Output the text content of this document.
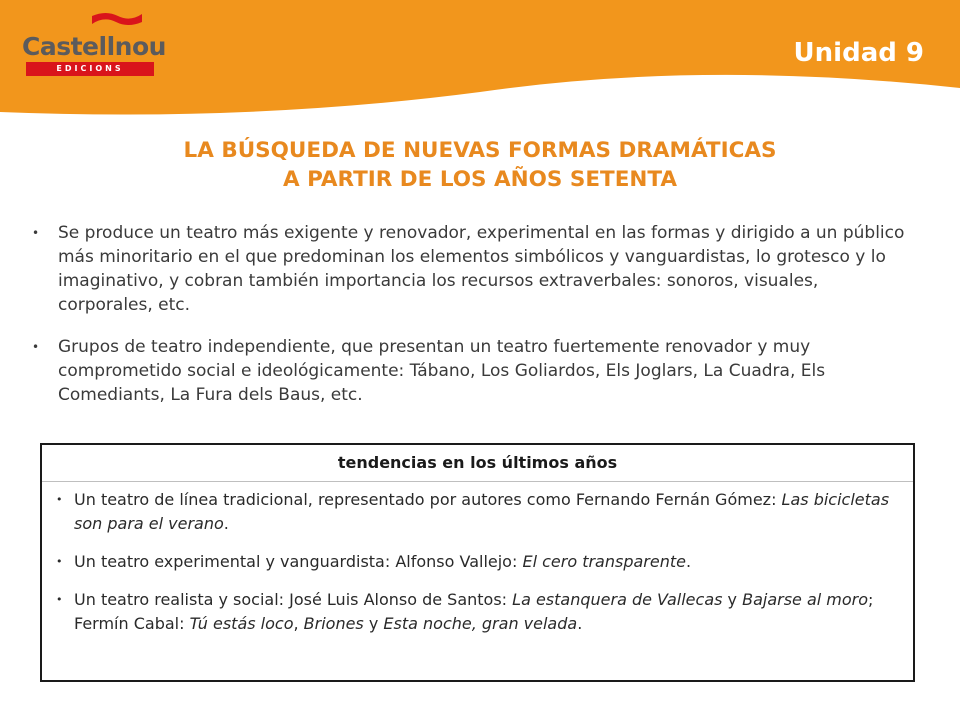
Castellnou
EDICIONS
Unidad 9
LA BÚSQUEDA DE NUEVAS FORMAS DRAMÁTICAS
A PARTIR DE LOS AÑOS SETENTA
•	Se produce un teatro más exigente y renovador, experimental en las formas y dirigido a un público más minoritario en el que predominan los elementos simbólicos y vanguardistas, lo grotesco y lo imaginativo, y cobran también importancia los recursos extraverbales: sonoros, visuales, corporales, etc.
•	Grupos de teatro independiente, que presentan un teatro fuertemente renovador y muy comprometido social e ideológicamente: Tábano, Los Goliardos, Els Joglars, La Cuadra, Els Comediants, La Fura dels Baus, etc.
tendencias en los últimos años
• Un teatro de línea tradicional, representado por autores como Fernando Fernán Gómez: Las bicicletas son para el verano.
• Un teatro experimental y vanguardista: Alfonso Vallejo: El cero transparente.
• Un teatro realista y social: José Luis Alonso de Santos: La estanquera de Vallecas y Bajarse al moro; Fermín Cabal: Tú estás loco, Briones y Esta noche, gran velada.
